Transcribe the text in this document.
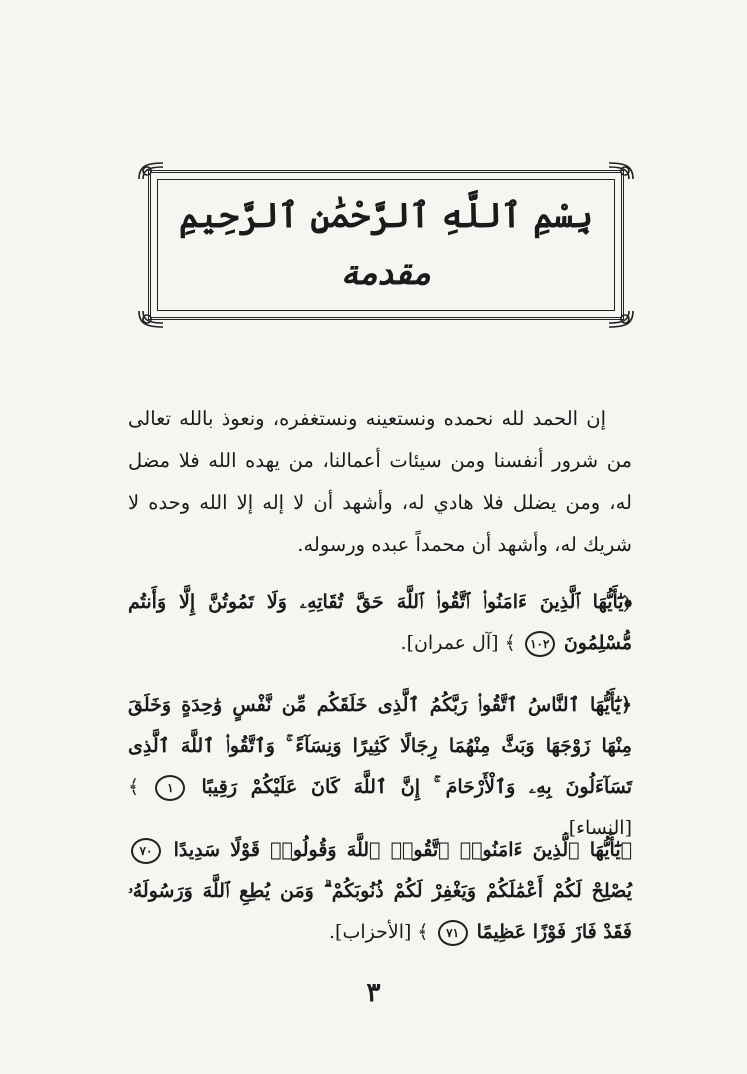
بِسْمِ ٱللَّهِ ٱلرَّحْمَٰنِ ٱلرَّحِيمِ
مقدمة

إن الحمد لله نحمده ونستعينه ونستغفره، ونعوذ بالله تعالى من شرور أنفسنا ومن سيئات أعمالنا، من يهده الله فلا مضل له، ومن يضلل فلا هادي له، وأشهد أن لا إله إلا الله وحده لا شريك له، وأشهد أن محمداً عبده ورسوله.

﴿يَٰٓأَيُّهَا ٱلَّذِينَ ءَامَنُوا۟ ٱتَّقُوا۟ ٱللَّهَ حَقَّ تُقَاتِهِۦ وَلَا تَمُوتُنَّ إِلَّا وَأَنتُم مُّسْلِمُونَ ١٠٢ ﴾ [آل عمران].
﴿يَٰٓأَيُّهَا ٱلنَّاسُ ٱتَّقُوا۟ رَبَّكُمُ ٱلَّذِى خَلَقَكُم مِّن نَّفْسٍ وَٰحِدَةٍ وَخَلَقَ مِنْهَا زَوْجَهَا وَبَثَّ مِنْهُمَا رِجَالًا كَثِيرًا وَنِسَآءً ۚ وَٱتَّقُوا۟ ٱللَّهَ ٱلَّذِى تَسَآءَلُونَ بِهِۦ وَٱلْأَرْحَامَ ۚ إِنَّ ٱللَّهَ كَانَ عَلَيْكُمْ رَقِيبًا ١ ﴾ [النساء].
﴿يَٰٓأَيُّهَا ٱلَّذِينَ ءَامَنُوا۟ ٱتَّقُوا۟ ٱللَّهَ وَقُولُوا۟ قَوْلًا سَدِيدًا ٧٠ يُصْلِحْ لَكُمْ أَعْمَٰلَكُمْ وَيَغْفِرْ لَكُمْ ذُنُوبَكُمْ ۗ وَمَن يُطِعِ ٱللَّهَ وَرَسُولَهُۥ فَقَدْ فَازَ فَوْزًا عَظِيمًا ٧١ ﴾ [الأحزاب].
٣
